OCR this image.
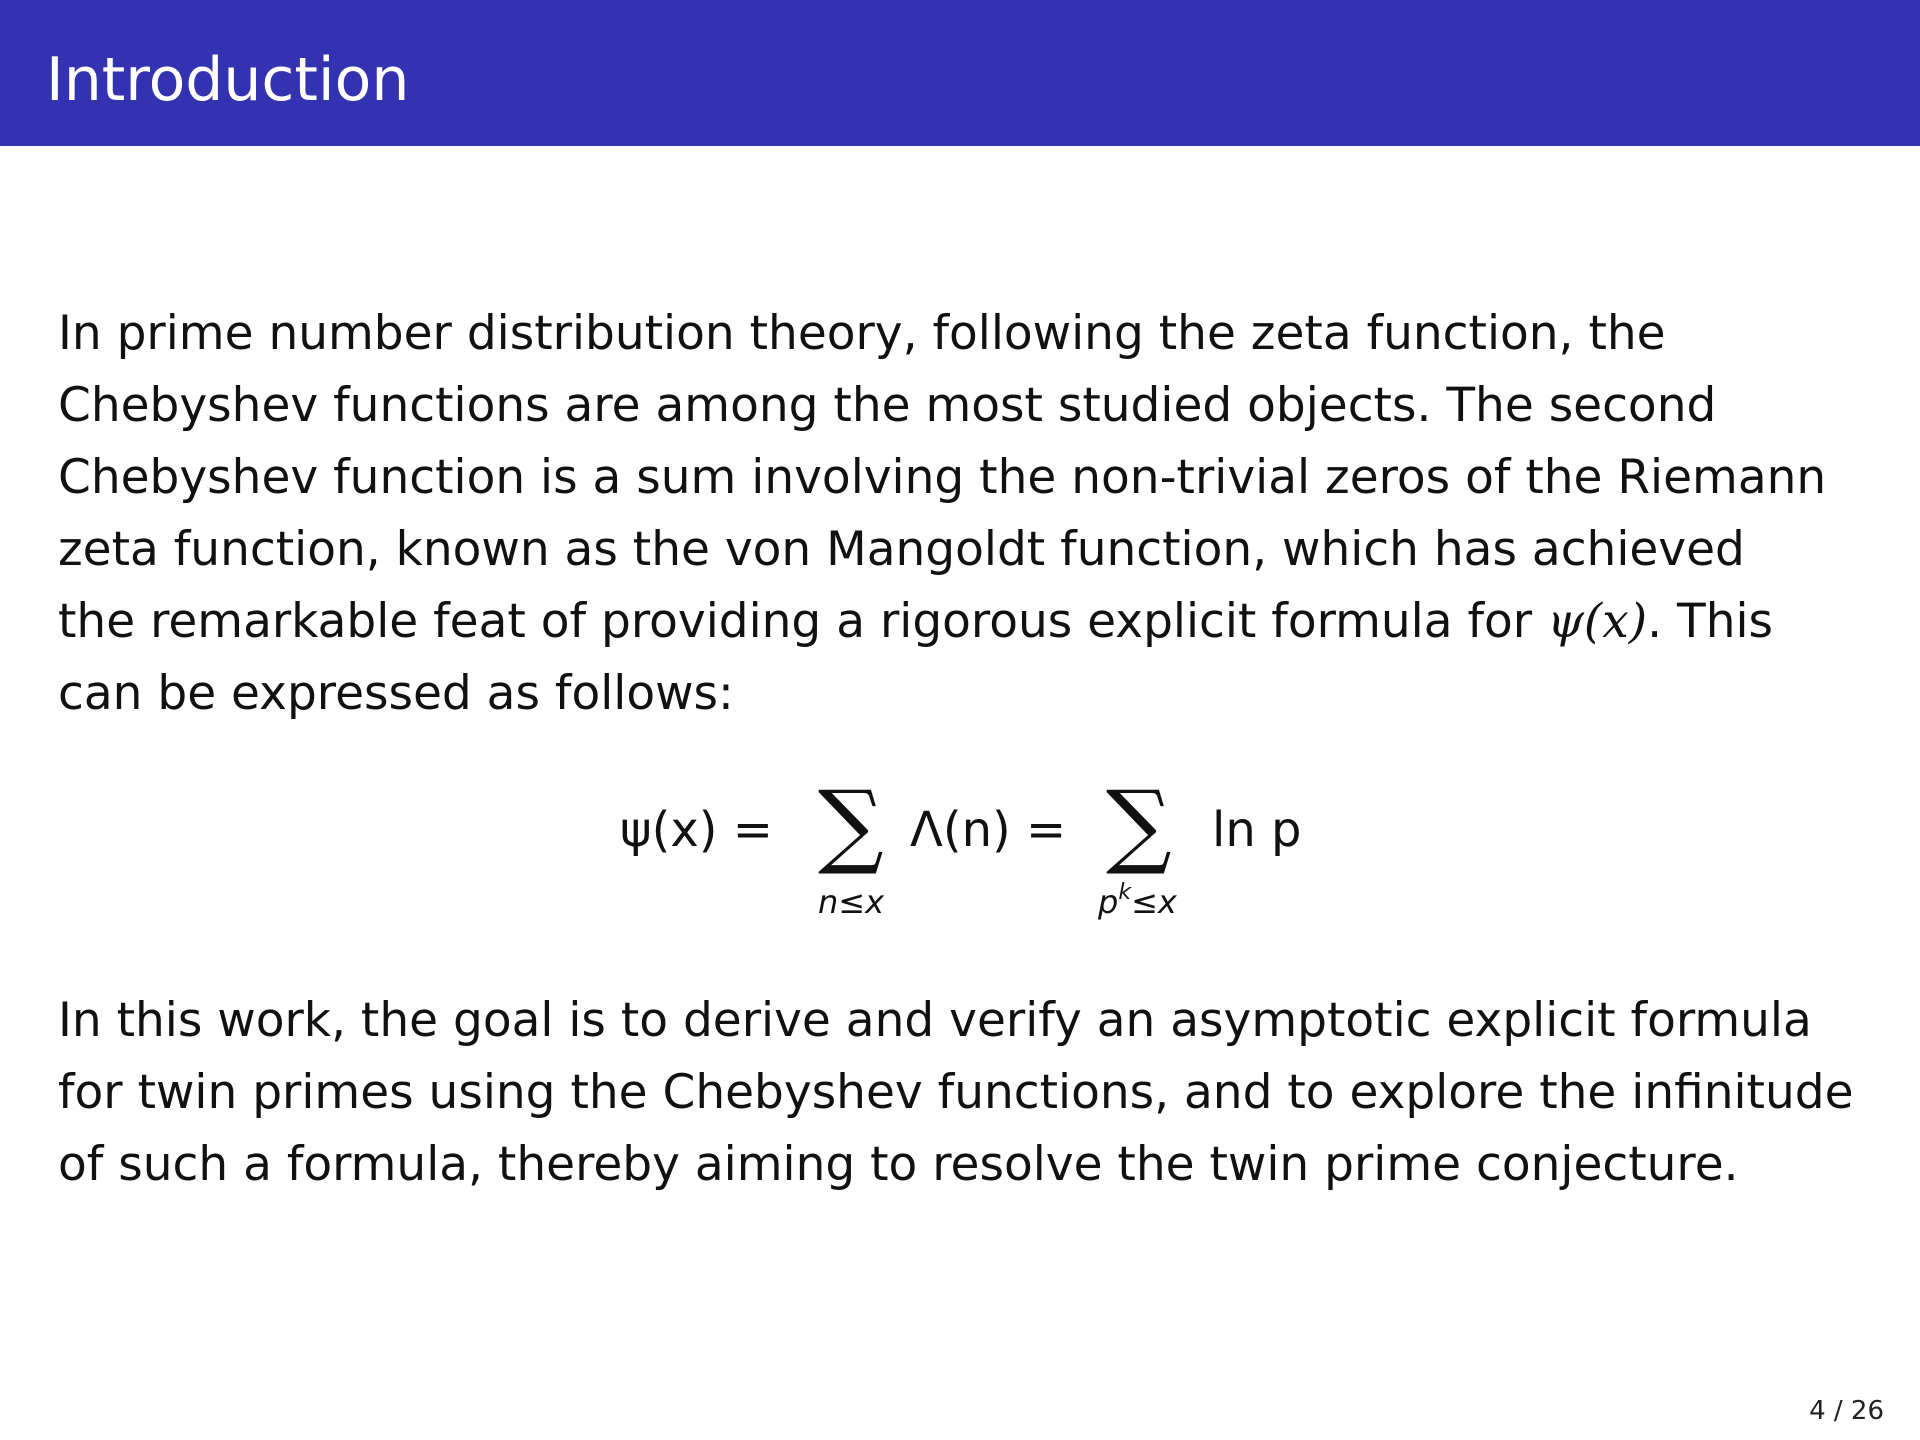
Introduction
In prime number distribution theory, following the zeta function, the
Chebyshev functions are among the most studied objects. The second
Chebyshev function is a sum involving the non-trivial zeros of the Riemann
zeta function, known as the von Mangoldt function, which has achieved
the remarkable feat of providing a rigorous explicit formula for ψ(x). This
can be expressed as follows:
ψ(x) = ∑
n≤x
Λ(n) = ∑
$p^k\le x$
ln p
In this work, the goal is to derive and verify an asymptotic explicit formula
for twin primes using the Chebyshev functions, and to explore the infinitude
of such a formula, thereby aiming to resolve the twin prime conjecture.
4 / 26
